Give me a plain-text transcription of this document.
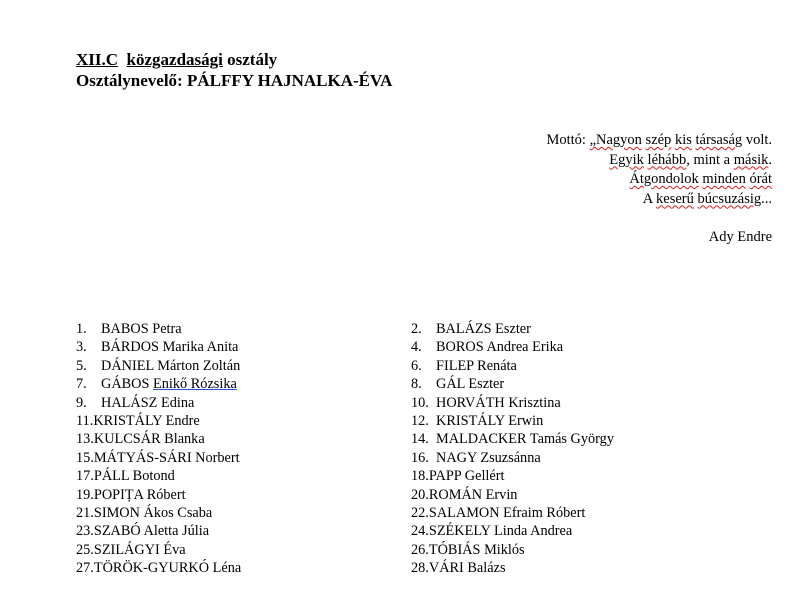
XII.C közgazdasági osztály
Osztálynevelő: PÁLFFY HAJNALKA-ÉVA
Mottó: „Nagyon szép kis társaság volt.
Egyik léhább, mint a másik.
Átgondolok minden órát
A keserű búcsuzásig...
Ady Endre
1. BABOS Petra
3. BÁRDOS Marika Anita
5. DÁNIEL Márton Zoltán
7. GÁBOS Enikő Rózsika
9. HALÁSZ Edina
11.KRISTÁLY Endre
13.KULCSÁR Blanka
15.MÁTYÁS-SÁRI Norbert
17.PÁLL Botond
19.POPIȚA Róbert
21.SIMON Ákos Csaba
23.SZABÓ Aletta Júlia
25.SZILÁGYI Éva
27.TÖRÖK-GYURKÓ Léna
2. BALÁZS Eszter
4. BOROS Andrea Erika
6. FILEP Renáta
8. GÁL Eszter
10. HORVÁTH Krisztina
12. KRISTÁLY Erwin
14. MALDACKER Tamás György
16. NAGY Zsuzsánna
18.PAPP Gellért
20.ROMÁN Ervin
22.SALAMON Efraim Róbert
24.SZÉKELY Linda Andrea
26.TÓBIÁS Miklós
28.VÁRI Balázs
